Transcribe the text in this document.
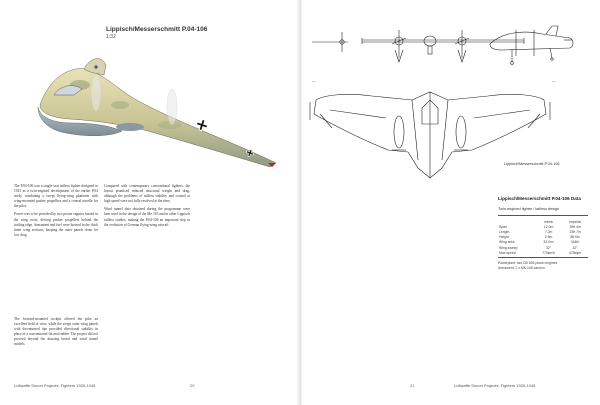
Lippisch/Messerschmitt P.04-106
1:32

The P.04-106 was a single-seat tailless fighter designed in 1941 as a twin-engined development of the earlier P.04 study, combining a swept flying-wing planform with wing-mounted pusher propellers and a central nacelle for the pilot.

Power was to be provided by two piston engines buried in the wing roots, driving pusher propellers behind the trailing edge. Armament and fuel were housed in the thick inner wing sections, keeping the outer panels clean for low drag.

The forward-mounted cockpit offered the pilot an excellent field of view, while the swept outer wing panels with downturned tips provided directional stability in place of a conventional fin and rudder. The project did not proceed beyond the drawing board and wind tunnel models.

Compared with contemporary conventional fighters, the layout promised reduced structural weight and drag, although the problems of tailless stability and control at high speed were not fully resolved at the time.

Wind tunnel data obtained during the programme were later used in the design of the Me 163 and in other Lippisch tailless studies, making the P.04-106 an important step in the evolution of German flying-wing aircraft.

Luftwaffe Secret Projects: Fighters 1939-1945	20
—	—
Lippisch/Messerschmitt P.04-106
Lippisch/Messerschmitt P.04-106 Data
Twin-engined fighter / tailless design
	metric	imperial
Span	12.0m	39ft 4in
Length	7.2m	23ft 7in
Height	2.6m	8ft 6in
Wing area	32.0m²	344ft²
Wing sweep	32°	32°
Max speed	770km/h	478mph
Powerplant: two DB 605 piston engines
Armament: 2 x MK 108 cannon
21	Luftwaffe Secret Projects: Fighters 1939-1945
